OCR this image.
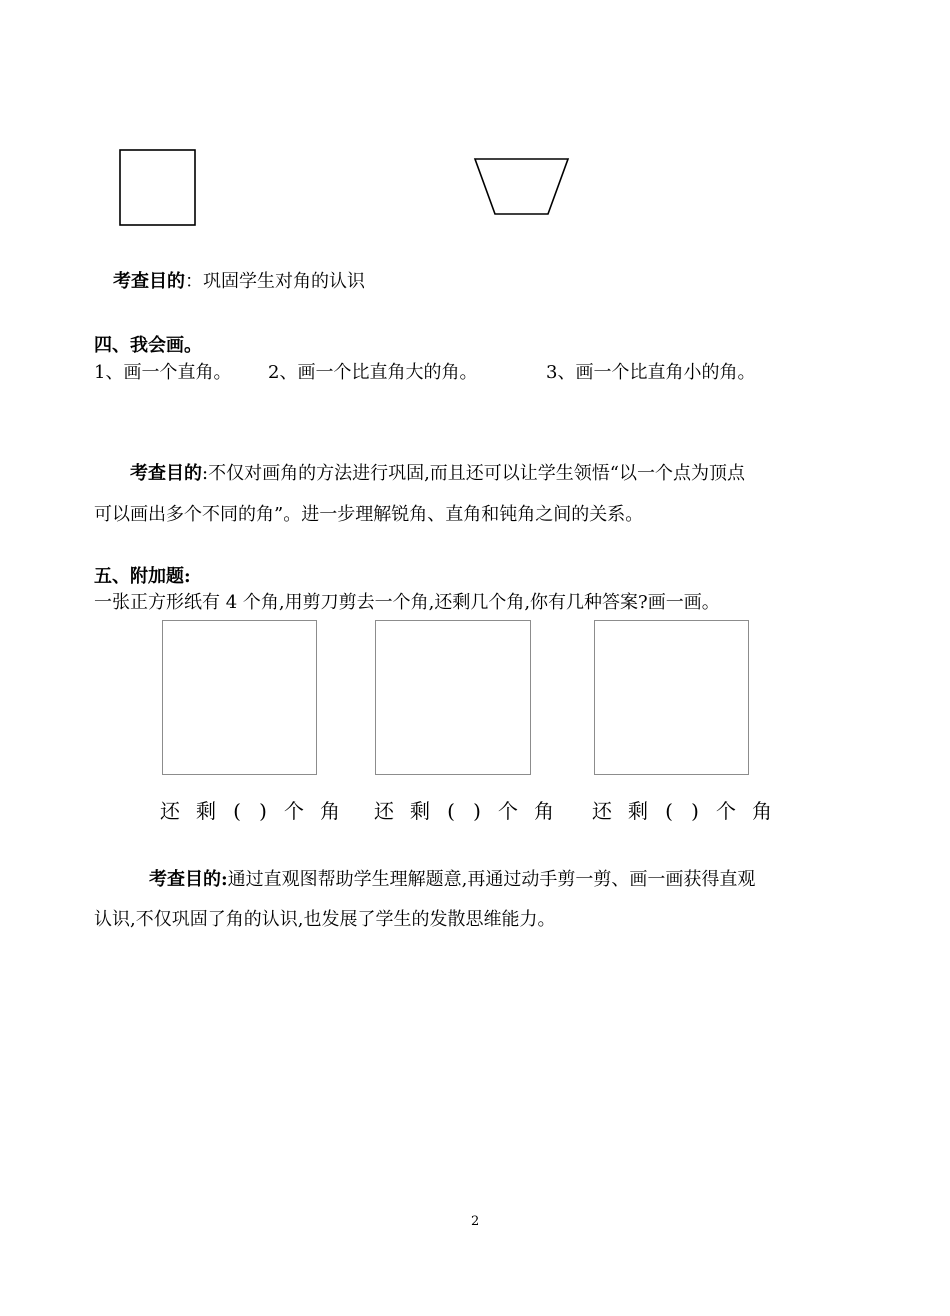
考查目的：巩固学生对角的认识
四、我会画。
1、画一个直角。 2、画一个比直角大的角。	3、画一个比直角小的角。
考查目的:不仅对画角的方法进行巩固,而且还可以让学生领悟“以一个点为顶点
可以画出多个不同的角”。进一步理解锐角、直角和钝角之间的关系。
五、附加题:
一张正方形纸有 4 个角,用剪刀剪去一个角,还剩几个角,你有几种答案?画一画。
还 剩 ( ) 个 角	还 剩 ( ) 个 角	还 剩 ( ) 个 角
考查目的:通过直观图帮助学生理解题意,再通过动手剪一剪、画一画获得直观
认识,不仅巩固了角的认识,也发展了学生的发散思维能力。
2
